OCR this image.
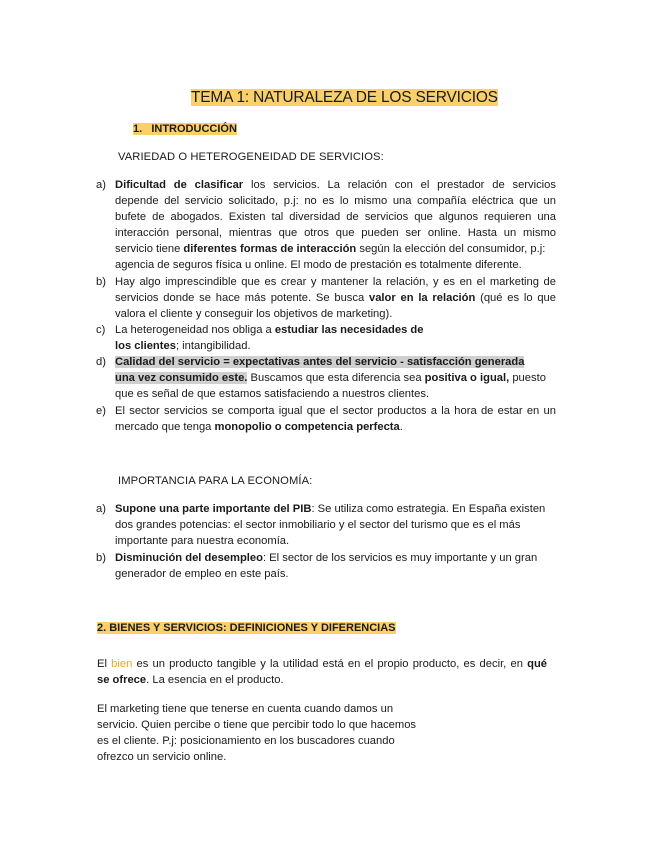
TEMA 1: NATURALEZA DE LOS SERVICIOS
1.   INTRODUCCIÓN
VARIEDAD O HETEROGENEIDAD DE SERVICIOS:
a) Dificultad de clasificar los servicios. La relación con el prestador de servicios
depende del servicio solicitado, p.j: no es lo mismo una compañía eléctrica que un
bufete de abogados. Existen tal diversidad de servicios que algunos requieren una
interacción personal, mientras que otros que pueden ser online. Hasta un mismo
servicio tiene diferentes formas de interacción según la elección del consumidor, p.j:
agencia de seguros física u online. El modo de prestación es totalmente diferente.
b) Hay algo imprescindible que es crear y mantener la relación, y es en el marketing de
servicios donde se hace más potente. Se busca valor en la relación (qué es lo que
valora el cliente y conseguir los objetivos de marketing).
c) La heterogeneidad nos obliga a estudiar las necesidades de
los clientes; intangibilidad.
d) Calidad del servicio = expectativas antes del servicio - satisfacción generada
una vez consumido este. Buscamos que esta diferencia sea positiva o igual, puesto
que es señal de que estamos satisfaciendo a nuestros clientes.
e) El sector servicios se comporta igual que el sector productos a la hora de estar en un
mercado que tenga monopolio o competencia perfecta.
IMPORTANCIA PARA LA ECONOMÍA:
a) Supone una parte importante del PIB: Se utiliza como estrategia. En España existen
dos grandes potencias: el sector inmobiliario y el sector del turismo que es el más
importante para nuestra economía.
b) Disminución del desempleo: El sector de los servicios es muy importante y un gran
generador de empleo en este país.
2. BIENES Y SERVICIOS: DEFINICIONES Y DIFERENCIAS
El bien es un producto tangible y la utilidad está en el propio producto, es decir, en qué
se ofrece. La esencia en el producto.
El marketing tiene que tenerse en cuenta cuando damos un
servicio. Quien percibe o tiene que percibir todo lo que hacemos
es el cliente. P.j: posicionamiento en los buscadores cuando
ofrezco un servicio online.
